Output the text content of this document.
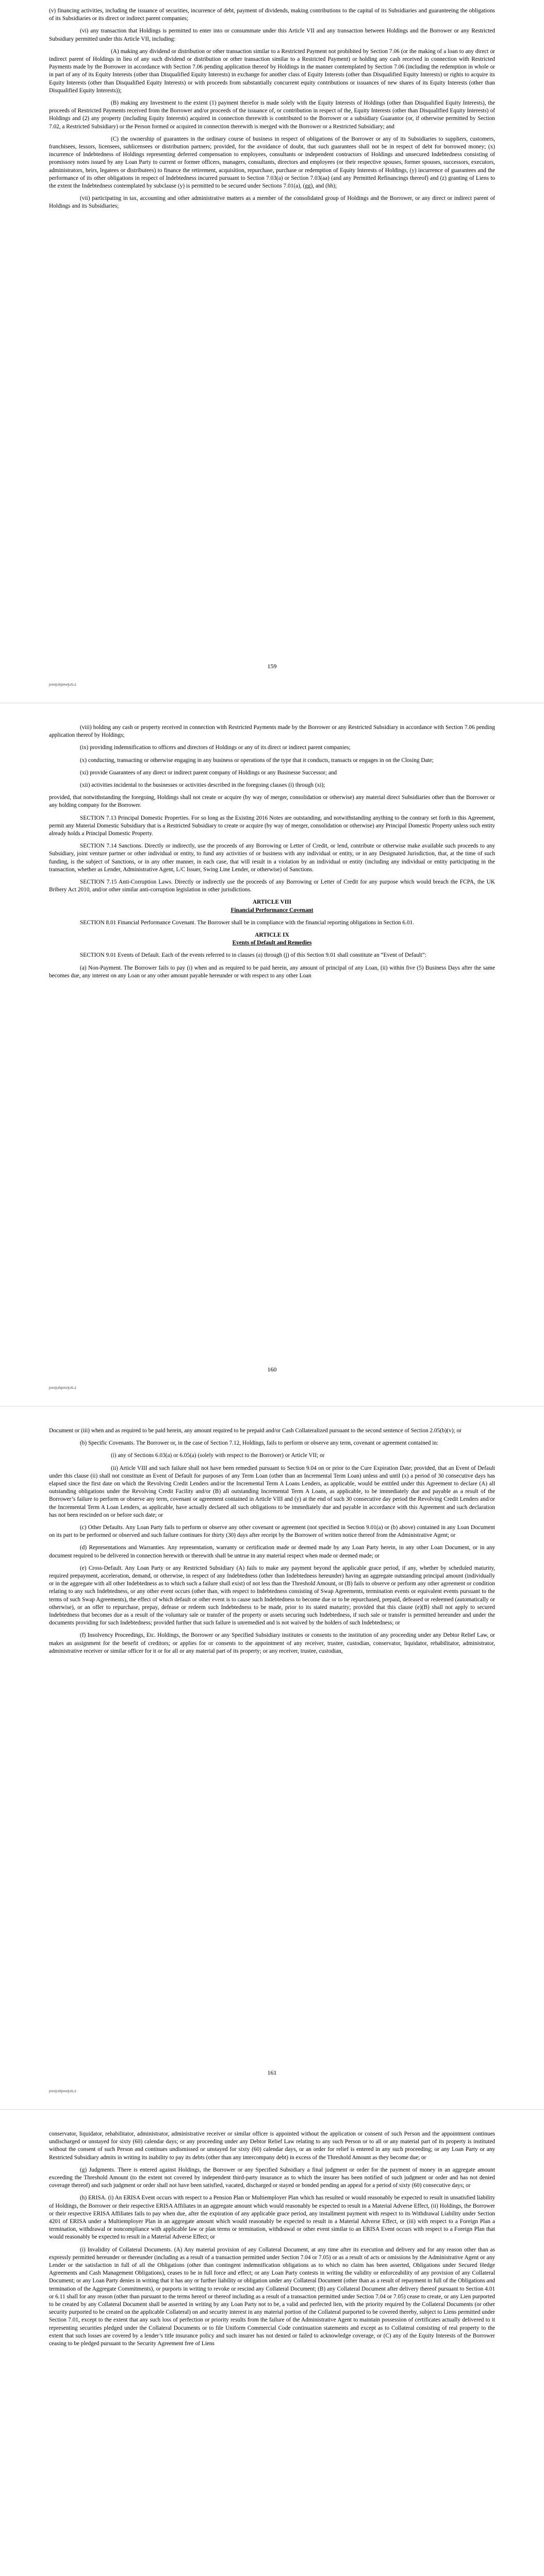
(v) financing activities, including the issuance of securities, incurrence of debt, payment of dividends, making contributions to the capital of its Subsidiaries and guaranteeing the obligations of its Subsidiaries or its direct or indirect parent companies;

(vi) any transaction that Holdings is permitted to enter into or consummate under this Article VII and any transaction between Holdings and the Borrower or any Restricted Subsidiary permitted under this Article VII, including:

(A) making any dividend or distribution or other transaction similar to a Restricted Payment not prohibited by Section 7.06 (or the making of a loan to any direct or indirect parent of Holdings in lieu of any such dividend or distribution or other transaction similar to a Restricted Payment) or holding any cash received in connection with Restricted Payments made by the Borrower in accordance with Section 7.06 pending application thereof by Holdings in the manner contemplated by Section 7.06 (including the redemption in whole or in part of any of its Equity Interests (other than Disqualified Equity Interests) in exchange for another class of Equity Interests (other than Disqualified Equity Interests) or rights to acquire its Equity Interests (other than Disqualified Equity Interests) or with proceeds from substantially concurrent equity contributions or issuances of new shares of its Equity Interests (other than Disqualified Equity Interests));

(B) making any Investment to the extent (1) payment therefor is made solely with the Equity Interests of Holdings (other than Disqualified Equity Interests), the proceeds of Restricted Payments received from the Borrower and/or proceeds of the issuance of, or contribution in respect of the, Equity Interests (other than Disqualified Equity Interests) of Holdings and (2) any property (including Equity Interests) acquired in connection therewith is contributed to the Borrower or a subsidiary Guarantor (or, if otherwise permitted by Section 7.02, a Restricted Subsidiary) or the Person formed or acquired in connection therewith is merged with the Borrower or a Restricted Subsidiary; and

(C) the ownership of guarantees in the ordinary course of business in respect of obligations of the Borrower or any of its Subsidiaries to suppliers, customers, franchisees, lessors, licensees, sublicensees or distribution partners; provided, for the avoidance of doubt, that such guarantees shall not be in respect of debt for borrowed money; (x) incurrence of Indebtedness of Holdings representing deferred compensation to employees, consultants or independent contractors of Holdings and unsecured Indebtedness consisting of promissory notes issued by any Loan Party to current or former officers, managers, consultants, directors and employees (or their respective spouses, former spouses, successors, executors, administrators, heirs, legatees or distributees) to finance the retirement, acquisition, repurchase, purchase or redemption of Equity Interests of Holdings, (y) incurrence of guarantees and the performance of its other obligations in respect of Indebtedness incurred pursuant to Section 7.03(a) or Section 7.03(aa) (and any Permitted Refinancings thereof) and (z) granting of Liens to the extent the Indebtedness contemplated by subclause (y) is permitted to be secured under Sections 7.01(a), (gg), and (hh);

(vii) participating in tax, accounting and other administrative matters as a member of the consolidated group of Holdings and the Borrower, or any direct or indirect parent of Holdings and its Subsidiaries;

159
[###]US[###]US-2

(viii) holding any cash or property received in connection with Restricted Payments made by the Borrower or any Restricted Subsidiary in accordance with Section 7.06 pending application thereof by Holdings;

(ix) providing indemnification to officers and directors of Holdings or any of its direct or indirect parent companies;

(x) conducting, transacting or otherwise engaging in any business or operations of the type that it conducts, transacts or engages in on the Closing Date;

(xi) provide Guarantees of any direct or indirect parent company of Holdings or any Businesse Successor; and

(xii) activities incidental to the businesses or activities described in the foregoing clauses (i) through (xi);

provided, that notwithstanding the foregoing, Holdings shall not create or acquire (by way of merger, consolidation or otherwise) any material direct Subsidiaries other than the Borrower or any holding company for the Borrower.

SECTION 7.13 Principal Domestic Properties. For so long as the Existing 2016 Notes are outstanding, and notwithstanding anything to the contrary set forth in this Agreement, permit any Material Domestic Subsidiary that is a Restricted Subsidiary to create or acquire (by way of merger, consolidation or otherwise) any Principal Domestic Property unless such entity already holds a Principal Domestic Property.

SECTION 7.14 Sanctions. Directly or indirectly, use the proceeds of any Borrowing or Letter of Credit, or lend, contribute or otherwise make available such proceeds to any Subsidiary, joint venture partner or other individual or entity, to fund any activities of or business with any individual or entity, or in any Designated Jurisdiction, that, at the time of such funding, is the subject of Sanctions, or in any other manner, in each case, that will result in a violation by an individual or entity (including any individual or entity participating in the transaction, whether as Lender, Administrative Agent, L/C Issuer, Swing Line Lender, or otherwise) of Sanctions.

SECTION 7.15 Anti-Corruption Laws. Directly or indirectly use the proceeds of any Borrowing or Letter of Credit for any purpose which would breach the FCPA, the UK Bribery Act 2010, and/or other similar anti-corruption legislation in other jurisdictions.

ARTICLE VIII

Financial Performance Covenant

SECTION 8.01 Financial Performance Covenant. The Borrower shall be in compliance with the financial reporting obligations in Section 6.01.

ARTICLE IX

Events of Default and Remedies

SECTION 9.01 Events of Default. Each of the events referred to in clauses (a) through (j) of this Section 9.01 shall constitute an “Event of Default”:

(a) Non-Payment. The Borrower fails to pay (i) when and as required to be paid herein, any amount of principal of any Loan, (ii) within five (5) Business Days after the same becomes due, any interest on any Loan or any other amount payable hereunder or with respect to any other Loan

160
[###]US[###]US-2

Document or (iii) when and as required to be paid herein, any amount required to be prepaid and/or Cash Collateralized pursuant to the second sentence of Section 2.05(b)(v); or

(b) Specific Covenants. The Borrower or, in the case of Section 7.12, Holdings, fails to perform or observe any term, covenant or agreement contained in:

(i) any of Sections 6.03(a) or 6.05(a) (solely with respect to the Borrower) or Article VII; or

(ii) Article VIII and such failure shall not have been remedied pursuant to Section 9.04 on or prior to the Cure Expiration Date; provided, that an Event of Default under this clause (ii) shall not constitute an Event of Default for purposes of any Term Loan (other than an Incremental Term Loan) unless and until (x) a period of 30 consecutive days has elapsed since the first date on which the Revolving Credit Lenders and/or the Incremental Term A Loans Lenders, as applicable, would be entitled under this Agreement to declare (A) all outstanding obligations under the Revolving Credit Facility and/or (B) all outstanding Incremental Term A Loans, as applicable, to be immediately due and payable as a result of the Borrower’s failure to perform or observe any term, covenant or agreement contained in Article VIII and (y) at the end of such 30 consecutive day period the Revolving Credit Lenders and/or the Incremental Term A Loan Lenders, as applicable, have actually declared all such obligations to be immediately due and payable in accordance with this Agreement and such declaration has not been rescinded on or before such date; or

(c) Other Defaults. Any Loan Party fails to perform or observe any other covenant or agreement (not specified in Section 9.01(a) or (b) above) contained in any Loan Document on its part to be performed or observed and such failure continues for thirty (30) days after receipt by the Borrower of written notice thereof from the Administrative Agent; or

(d) Representations and Warranties. Any representation, warranty or certification made or deemed made by any Loan Party herein, in any other Loan Document, or in any document required to be delivered in connection herewith or therewith shall be untrue in any material respect when made or deemed made; or

(e) Cross-Default. Any Loan Party or any Restricted Subsidiary (A) fails to make any payment beyond the applicable grace period, if any, whether by scheduled maturity, required prepayment, acceleration, demand, or otherwise, in respect of any Indebtedness (other than Indebtedness hereunder) having an aggregate outstanding principal amount (individually or in the aggregate with all other Indebtedness as to which such a failure shall exist) of not less than the Threshold Amount, or (B) fails to observe or perform any other agreement or condition relating to any such Indebtedness, or any other event occurs (other than, with respect to Indebtedness consisting of Swap Agreements, termination events or equivalent events pursuant to the terms of such Swap Agreements), the effect of which default or other event is to cause such Indebtedness to become due or to be repurchased, prepaid, defeased or redeemed (automatically or otherwise), or an offer to repurchase, prepay, defease or redeem such Indebtedness to be made, prior to its stated maturity; provided that this clause (e)(B) shall not apply to secured Indebtedness that becomes due as a result of the voluntary sale or transfer of the property or assets securing such Indebtedness, if such sale or transfer is permitted hereunder and under the documents providing for such Indebtedness; provided further that such failure is unremedied and is not waived by the holders of such Indebtedness; or

(f) Insolvency Proceedings, Etc. Holdings, the Borrower or any Specified Subsidiary institutes or consents to the institution of any proceeding under any Debtor Relief Law, or makes an assignment for the benefit of creditors; or applies for or consents to the appointment of any receiver, trustee, custodian, conservator, liquidator, rehabilitator, administrator, administrative receiver or similar officer for it or for all or any material part of its property; or any receiver, trustee, custodian,

161
[###]US[###]US-2

conservator, liquidator, rehabilitator, administrator, administrative receiver or similar officer is appointed without the application or consent of such Person and the appointment continues undischarged or unstayed for sixty (60) calendar days; or any proceeding under any Debtor Relief Law relating to any such Person or to all or any material part of its property is instituted without the consent of such Person and continues undismissed or unstayed for sixty (60) calendar days, or an order for relief is entered in any such proceeding; or any Loan Party or any Restricted Subsidiary admits in writing its inability to pay its debts (other than any intercompany debt) in excess of the Threshold Amount as they become due; or

(g) Judgments. There is entered against Holdings, the Borrower or any Specified Subsidiary a final judgment or order for the payment of money in an aggregate amount exceeding the Threshold Amount (to the extent not covered by independent third-party insurance as to which the insurer has been notified of such judgment or order and has not denied coverage thereof) and such judgment or order shall not have been satisfied, vacated, discharged or stayed or bonded pending an appeal for a period of sixty (60) consecutive days; or

(h) ERISA. (i) An ERISA Event occurs with respect to a Pension Plan or Multiemployer Plan which has resulted or would reasonably be expected to result in unsatisfied liability of Holdings, the Borrower or their respective ERISA Affiliates in an aggregate amount which would reasonably be expected to result in a Material Adverse Effect, (ii) Holdings, the Borrower or their respective ERISA Affiliates fails to pay when due, after the expiration of any applicable grace period, any installment payment with respect to its Withdrawal Liability under Section 4201 of ERISA under a Multiemployer Plan in an aggregate amount which would reasonably be expected to result in a Material Adverse Effect, or (iii) with respect to a Foreign Plan a termination, withdrawal or noncompliance with applicable law or plan terms or termination, withdrawal or other event similar to an ERISA Event occurs with respect to a Foreign Plan that would reasonably be expected to result in a Material Adverse Effect; or

(i) Invalidity of Collateral Documents. (A) Any material provision of any Collateral Document, at any time after its execution and delivery and for any reason other than as expressly permitted hereunder or thereunder (including as a result of a transaction permitted under Section 7.04 or 7.05) or as a result of acts or omissions by the Administrative Agent or any Lender or the satisfaction in full of all the Obligations (other than contingent indemnification obligations as to which no claim has been asserted, Obligations under Secured Hedge Agreements and Cash Management Obligations), ceases to be in full force and effect; or any Loan Party contests in writing the validity or enforceability of any provision of any Collateral Document; or any Loan Party denies in writing that it has any or further liability or obligation under any Collateral Document (other than as a result of repayment in full of the Obligations and termination of the Aggregate Commitments), or purports in writing to revoke or rescind any Collateral Document; (B) any Collateral Document after delivery thereof pursuant to Section 4.01 or 6.11 shall for any reason (other than pursuant to the terms hereof or thereof including as a result of a transaction permitted under Section 7.04 or 7.05) cease to create, or any Lien purported to be created by any Collateral Document shall be asserted in writing by any Loan Party not to be, a valid and perfected lien, with the priority required by the Collateral Documents (or other security purported to be created on the applicable Collateral) on and security interest in any material portion of the Collateral purported to be covered thereby, subject to Liens permitted under Section 7.01, except to the extent that any such loss of perfection or priority results from the failure of the Administrative Agent to maintain possession of certificates actually delivered to it representing securities pledged under the Collateral Documents or to file Uniform Commercial Code continuation statements and except as to Collateral consisting of real property to the extent that such losses are covered by a lender’s title insurance policy and such insurer has not denied or failed to acknowledge coverage, or (C) any of the Equity Interests of the Borrower ceasing to be pledged pursuant to the Security Agreement free of Liens
